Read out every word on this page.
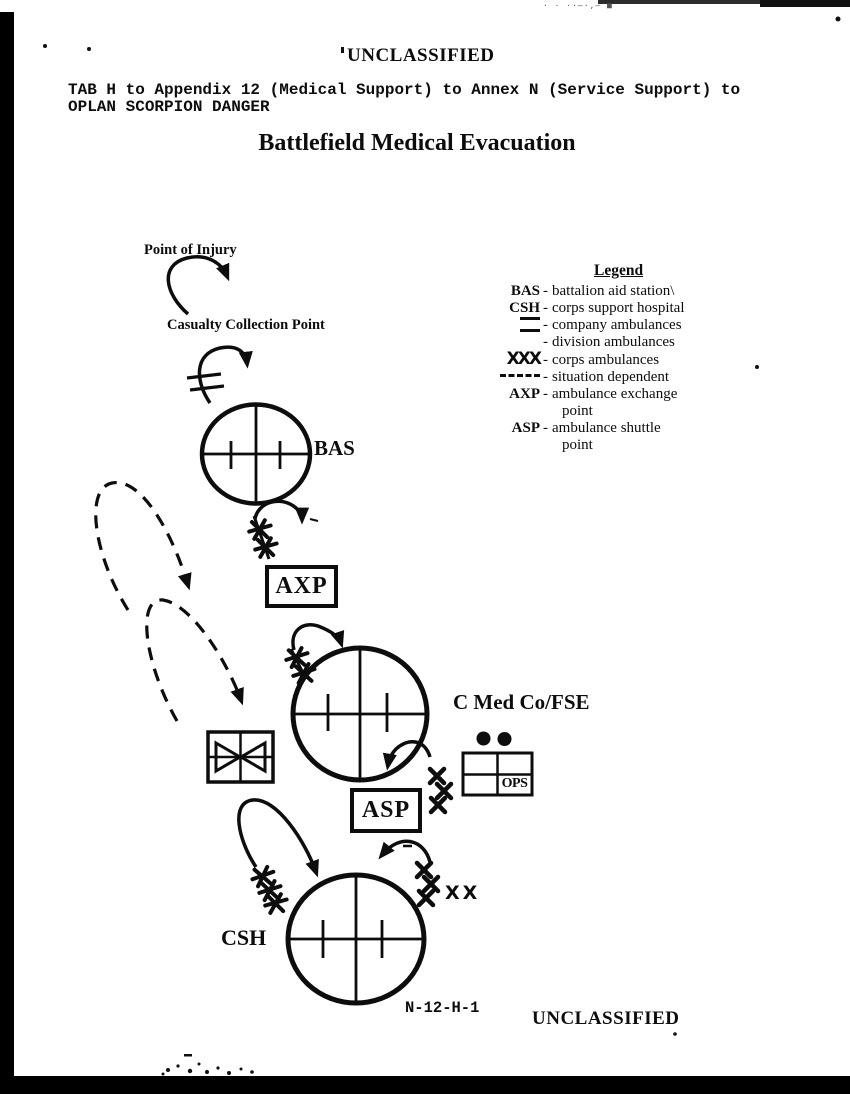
· · ··–·‚– ■
UNCLASSIFIED
TAB H to Appendix 12 (Medical Support) to Annex N (Service Support) to
OPLAN SCORPION DANGER
Battlefield Medical Evacuation
Legend
BAS - battalion aid station\
CSH - corps support hospital
- company ambulances
- division ambulances
XXX - corps ambulances
- situation dependent
AXP - ambulance exchange
point
ASP - ambulance shuttle
point
Point of Injury
Casualty Collection Point
BAS
AXP
C Med Co/FSE
ASP
OPS
CSH
XX
N-12-H-1	UNCLASSIFIED
